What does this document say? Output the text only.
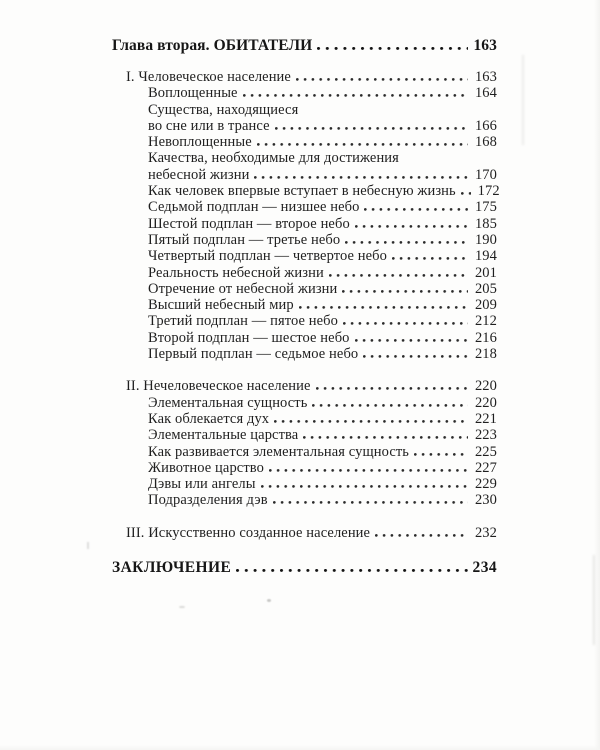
Глава вторая. ОБИТАТЕЛИ	163
I. Человеческое население	163
Воплощенные	164
Существа, находящиеся
во сне или в трансе	166
Невоплощенные	168
Качества, необходимые для достижения
небесной жизни	170
Как человек впервые вступает в небесную жизнь 172
Седьмой подплан — низшее небо	175
Шестой подплан — второе небо	185
Пятый подплан — третье небо	190
Четвертый подплан — четвертое небо	194
Реальность небесной жизни	201
Отречение от небесной жизни	205
Высший небесный мир	209
Третий подплан — пятое небо	212
Второй подплан — шестое небо	216
Первый подплан — седьмое небо	218
II. Нечеловеческое население	220
Элементальная сущность	220
Как облекается дух	221
Элементальные царства	223
Как развивается элементальная сущность	225
Животное царство	227
Дэвы или ангелы	229
Подразделения дэв	230
III. Искусственно созданное население	232
ЗАКЛЮЧЕНИЕ	234
